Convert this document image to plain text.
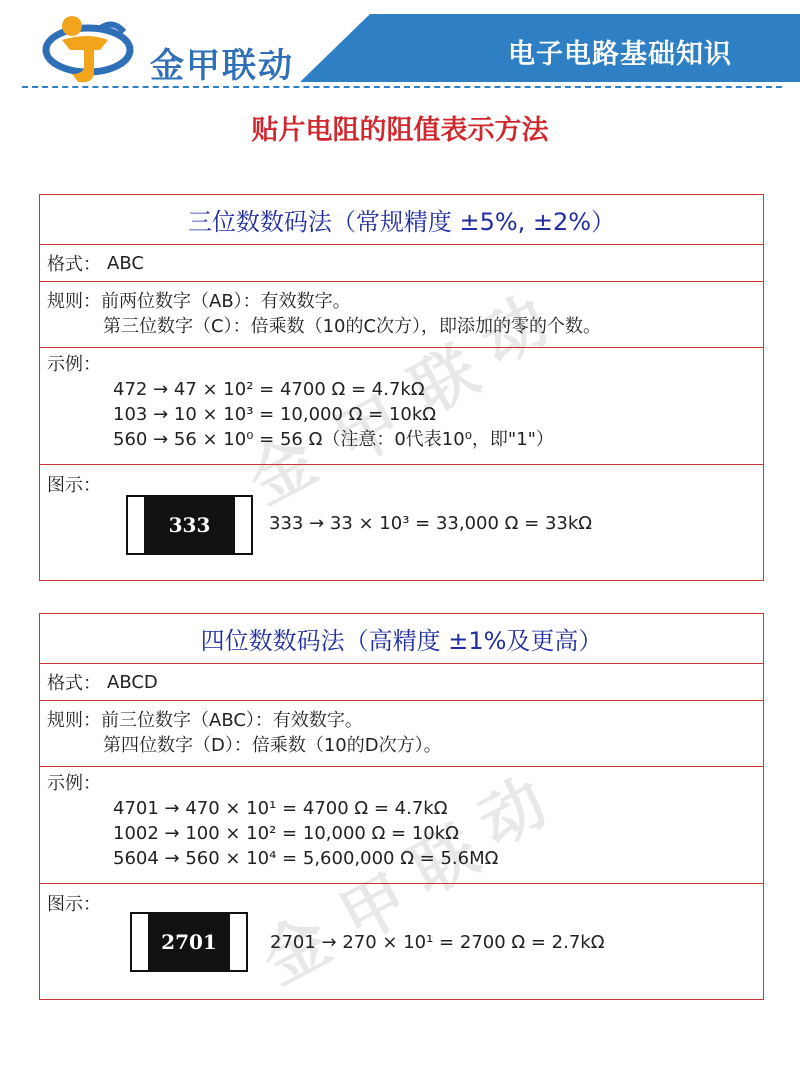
金甲联动	电子电路基础知识
贴片电阻的阻值表示方法
金
甲
联
动
金
甲
联
动
三位数数码法（常规精度 ±5%, ±2%）
格式： ABC
规则：前两位数字（AB）：有效数字。
第三位数字（C）：倍乘数（10的C次方），即添加的零的个数。
示例：
472 → 47 × 10² = 4700 Ω = 4.7kΩ
103 → 10 × 10³ = 10,000 Ω = 10kΩ
560 → 56 × 10⁰ = 56 Ω（注意：0代表10⁰，即"1"）
图示：
333	333 → 33 × 10³ = 33,000 Ω = 33kΩ
四位数数码法（高精度 ±1%及更高）
格式： ABCD
规则：前三位数字（ABC）：有效数字。
第四位数字（D）：倍乘数（10的D次方）。
示例：
4701 → 470 × 10¹ = 4700 Ω = 4.7kΩ
1002 → 100 × 10² = 10,000 Ω = 10kΩ
5604 → 560 × 10⁴ = 5,600,000 Ω = 5.6MΩ
图示：
2701	2701 → 270 × 10¹ = 2700 Ω = 2.7kΩ
